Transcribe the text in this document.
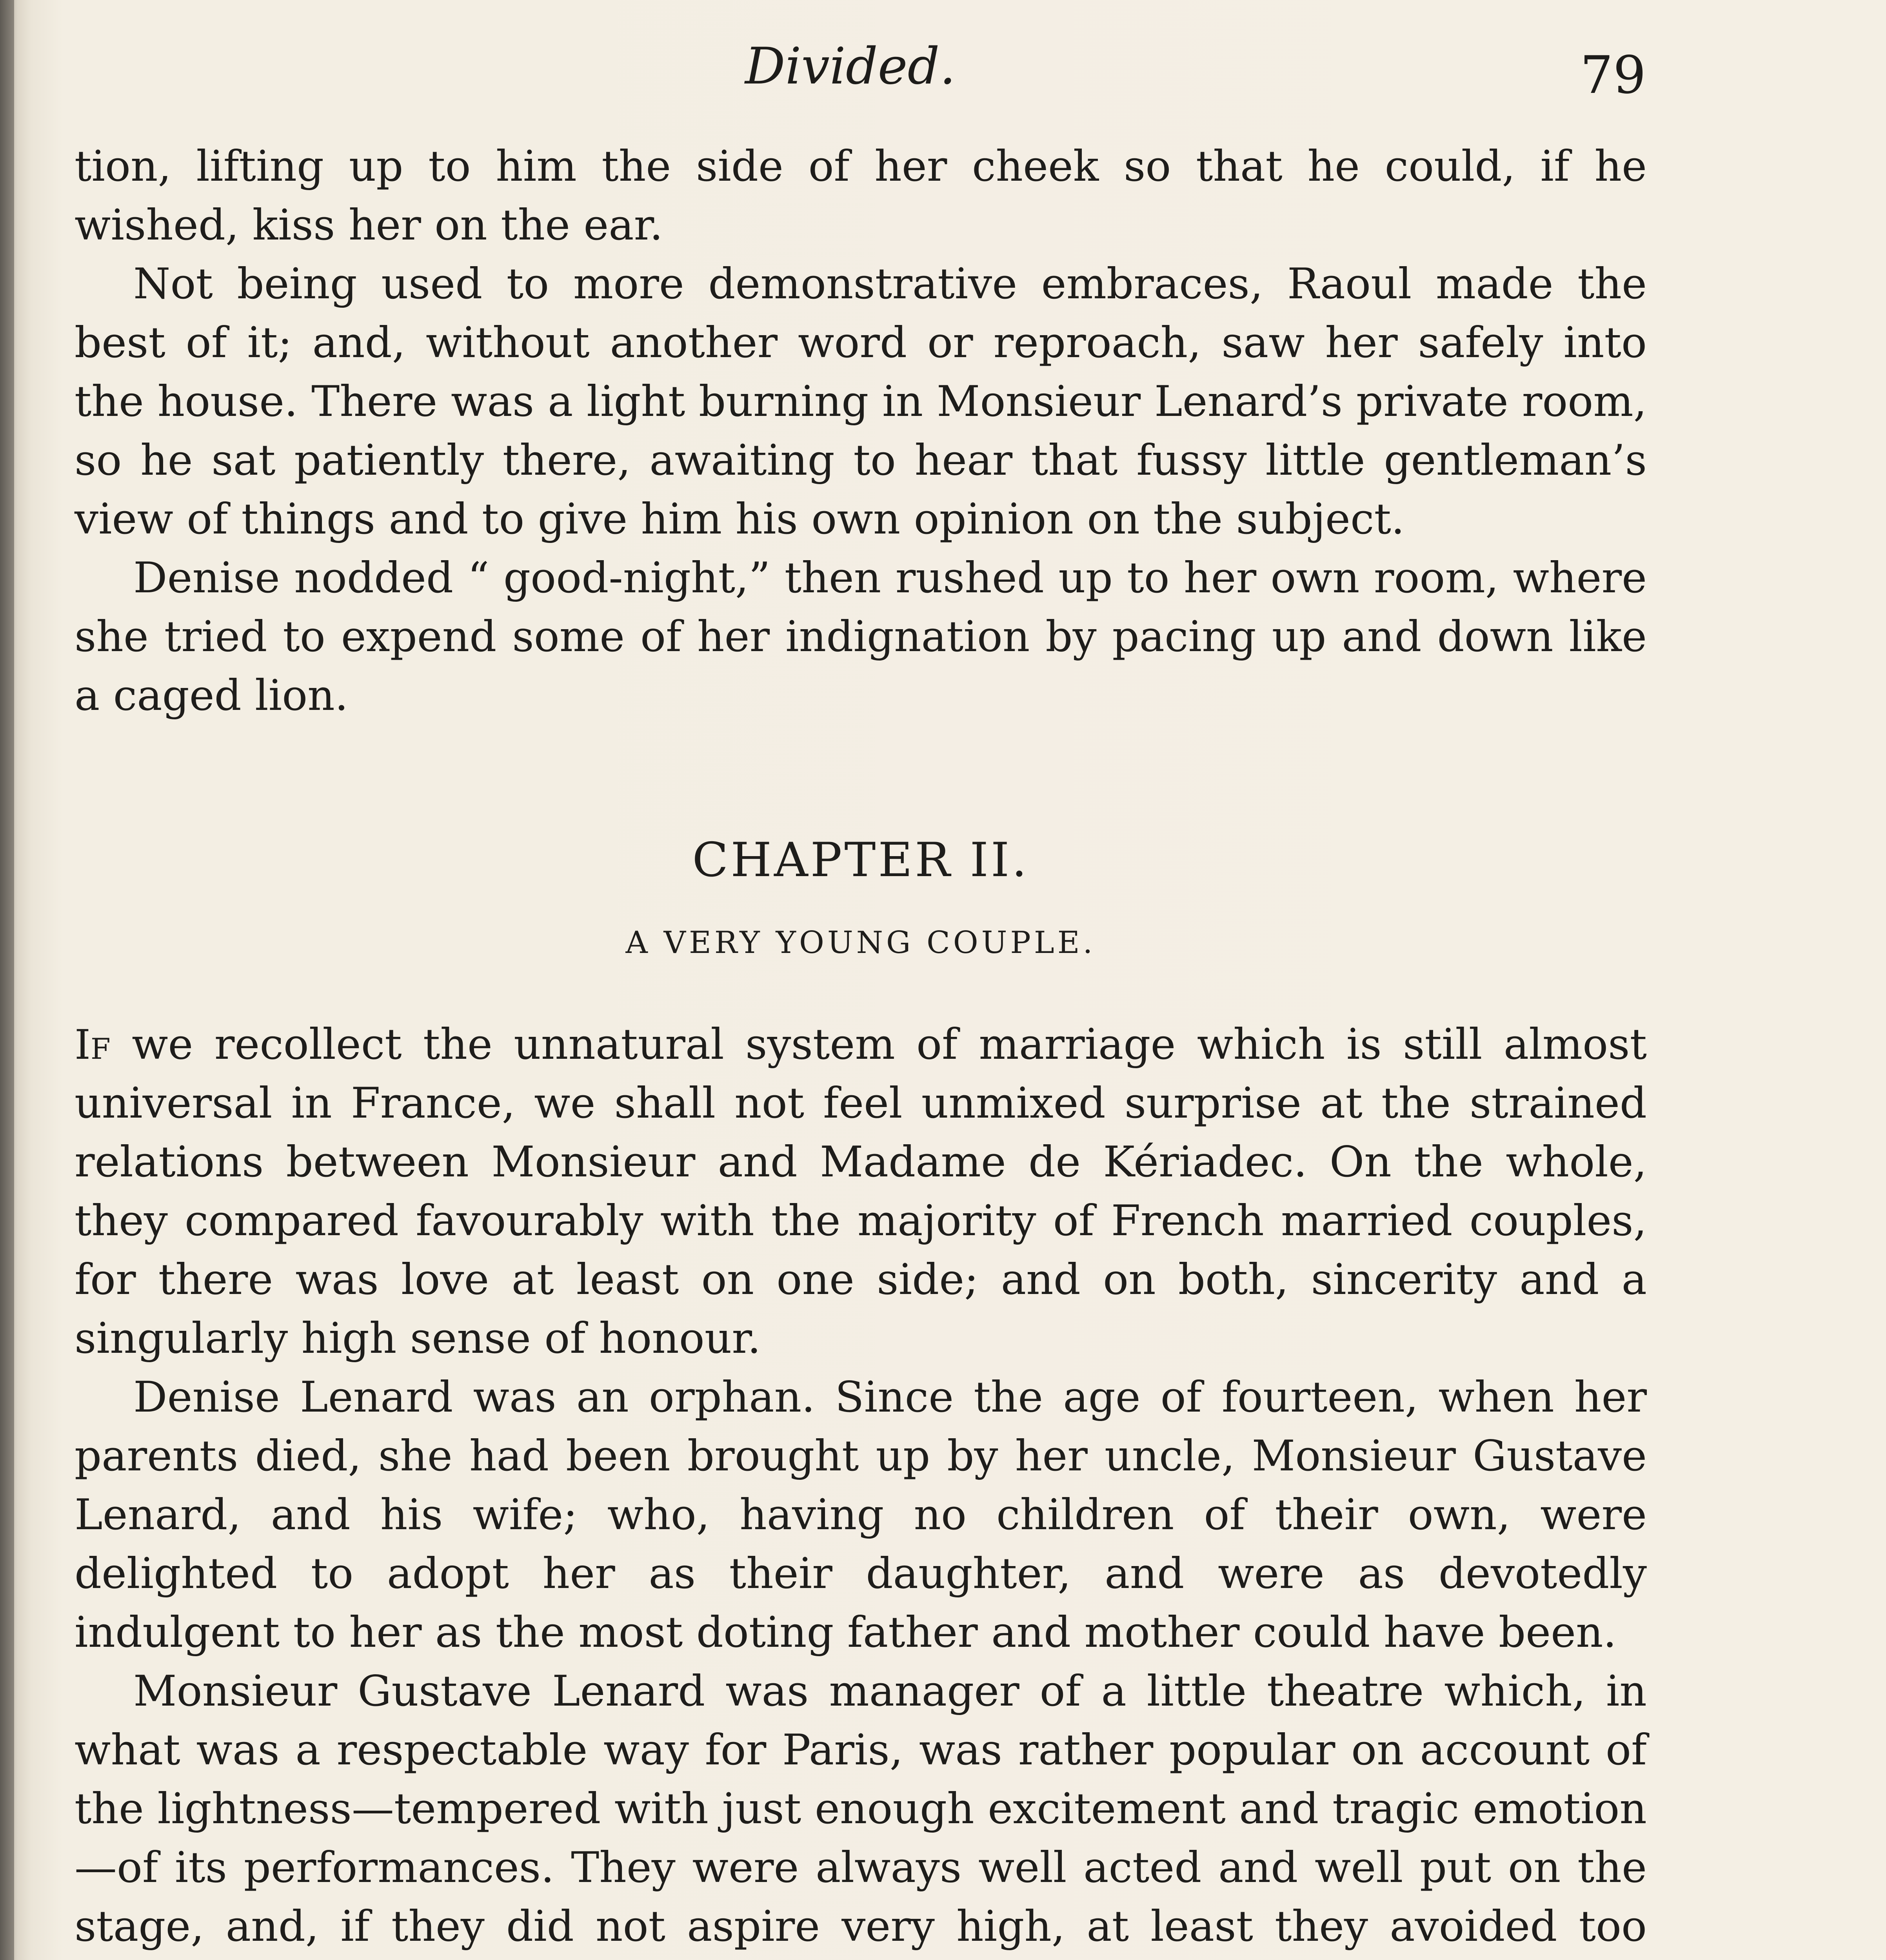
Divided.	79

tion, lifting up to him the side of her cheek so that he could, if he wished, kiss her on the ear.

Not being used to more demonstrative embraces, Raoul made the best of it; and, without another word or reproach, saw her safely into the house. There was a light burning in Monsieur Lenard’s private room, so he sat patiently there, awaiting to hear that fussy little gentleman’s view of things and to give him his own opinion on the subject.

Denise nodded “ good-night,” then rushed up to her own room, where she tried to expend some of her indignation by pacing up and down like a caged lion.

CHAPTER II.
A VERY YOUNG COUPLE.

If we recollect the unnatural system of marriage which is still almost universal in France, we shall not feel unmixed surprise at the strained relations between Monsieur and Madame de Kériadec. On the whole, they compared favourably with the majority of French married couples, for there was love at least on one side; and on both, sincerity and a singularly high sense of honour.

Denise Lenard was an orphan. Since the age of fourteen, when her parents died, she had been brought up by her uncle, Monsieur Gustave Lenard, and his wife; who, having no children of their own, were delighted to adopt her as their daughter, and were as devotedly indulgent to her as the most doting father and mother could have been.

Monsieur Gustave Lenard was manager of a little theatre which, in what was a respectable way for Paris, was rather popular on account of the lightness—tempered with just enough excitement and tragic emotion—of its performances. They were always well acted and well put on the stage, and, if they did not aspire very high, at least they avoided too
